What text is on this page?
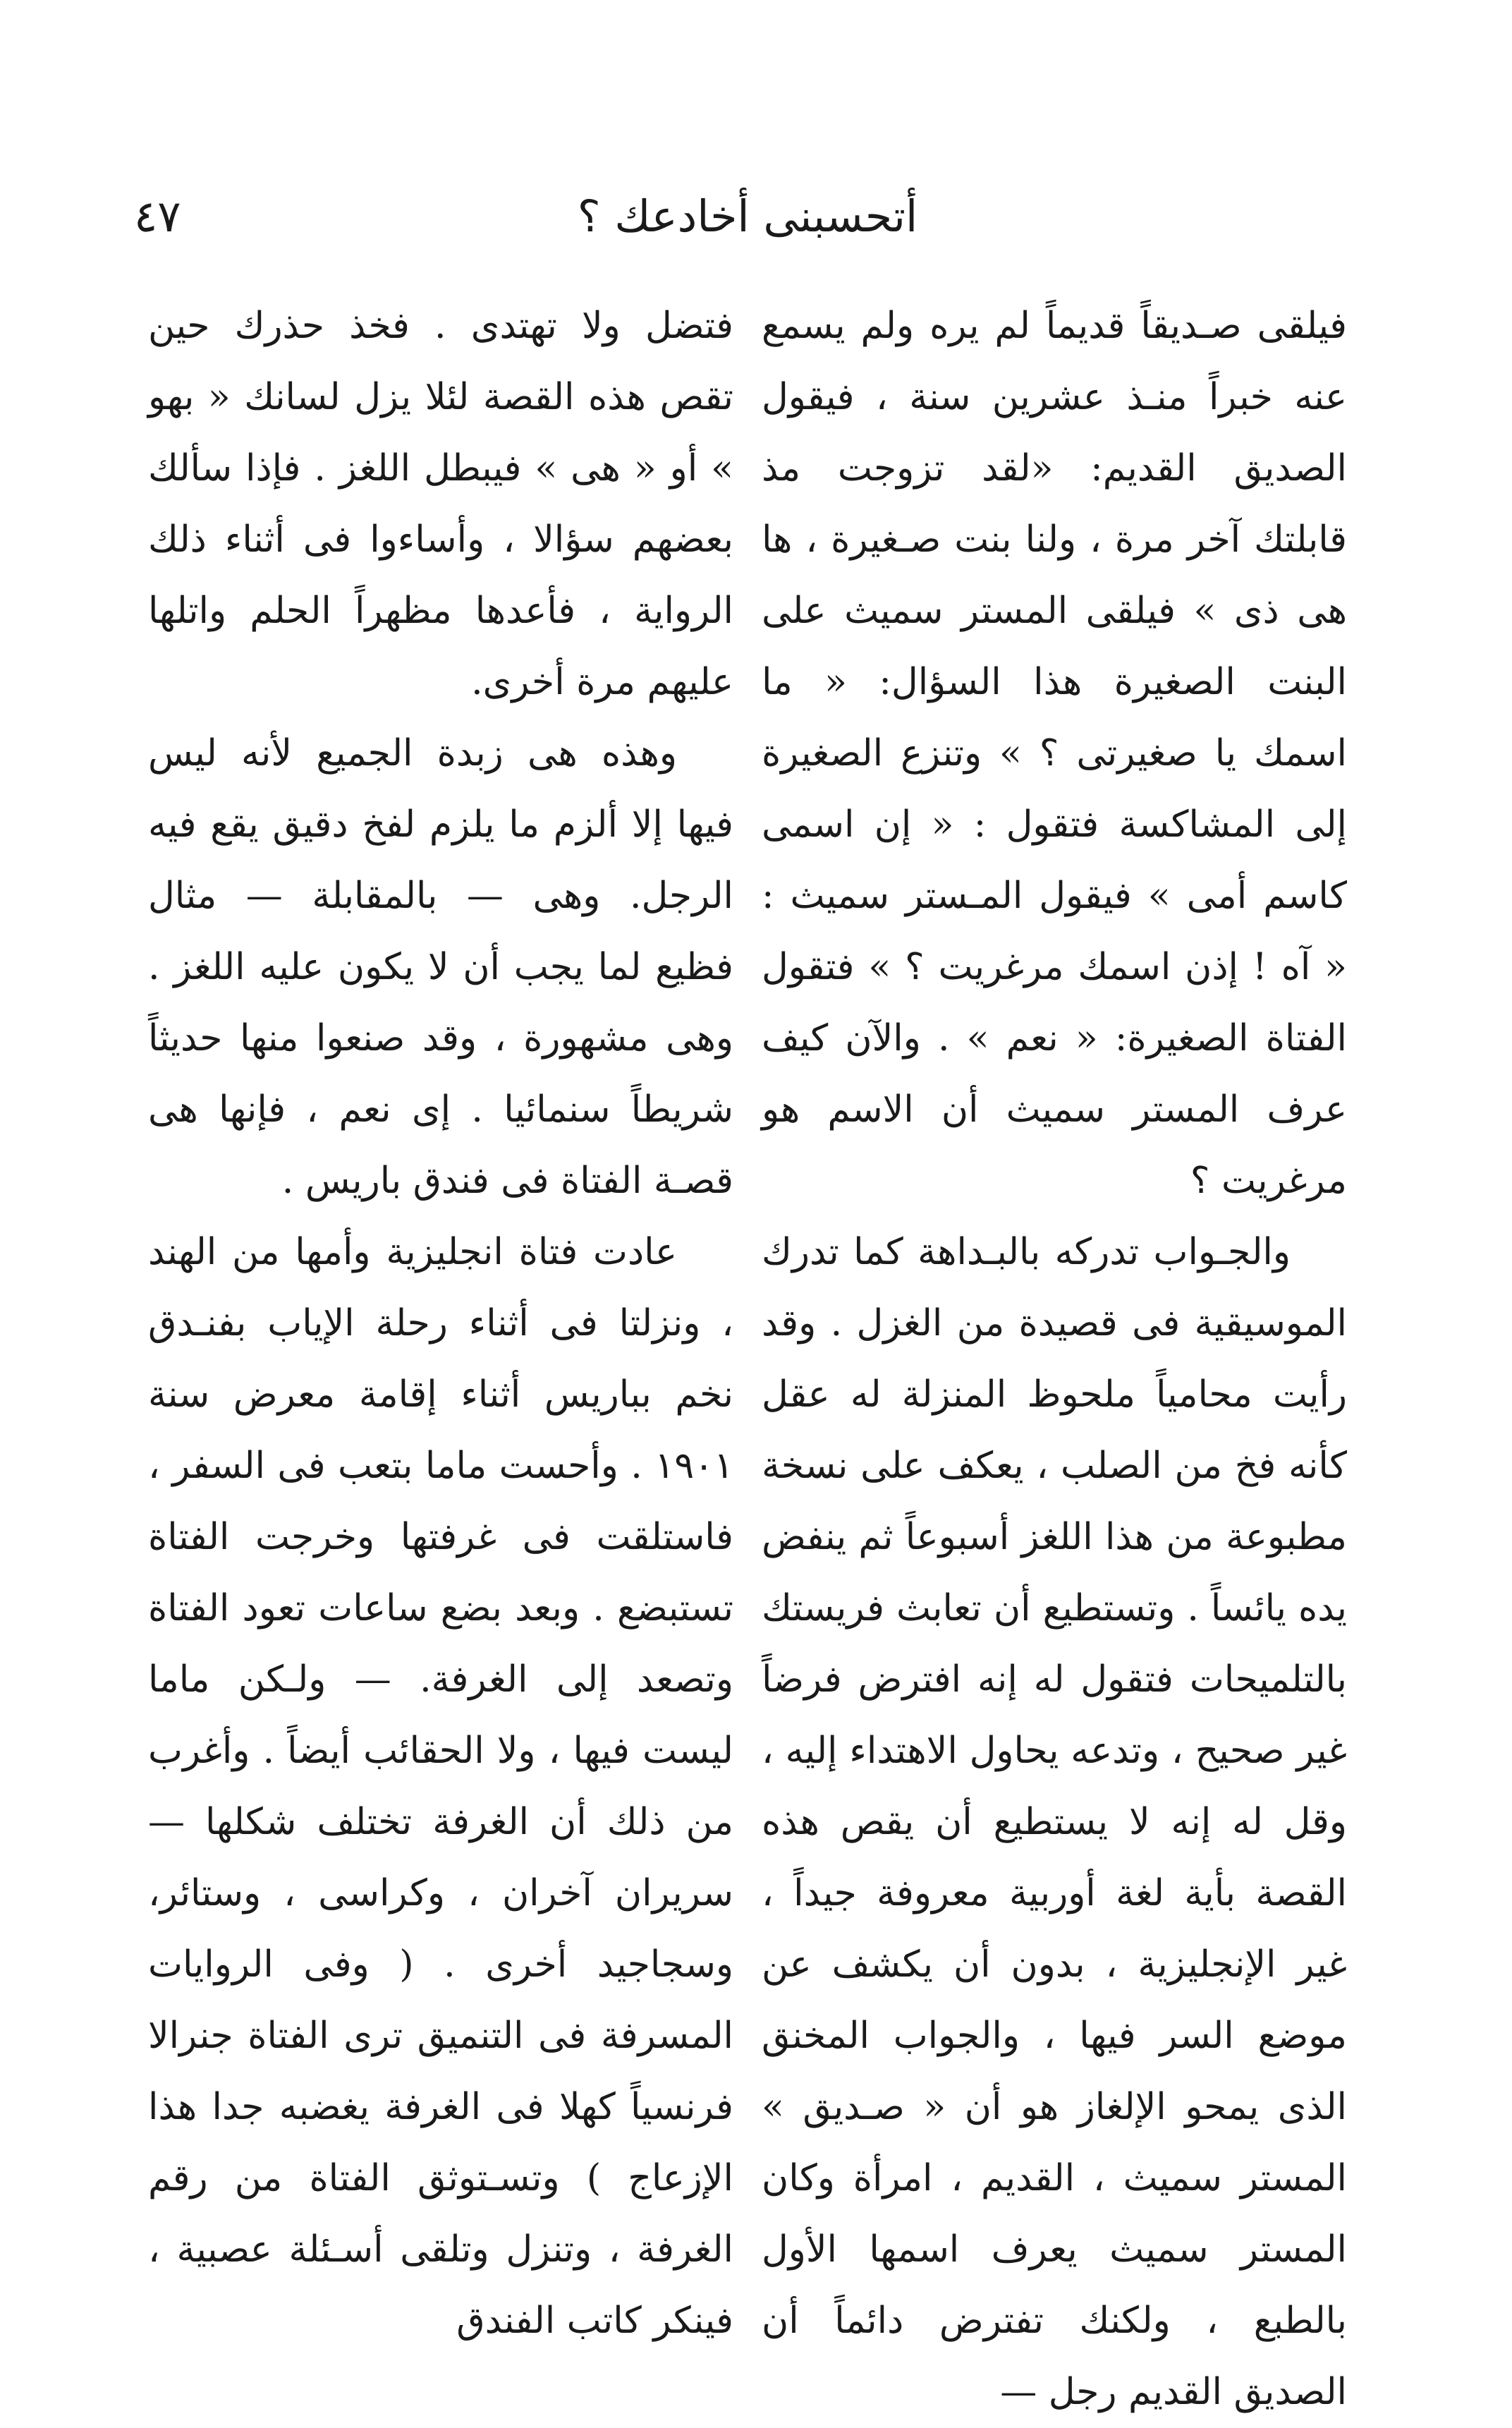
٤٧	أتحسبنى أخادعك ؟

فيلقى صـديقاً قديماً لم يره ولم يسمع عنه خبراً منـذ عشرين سنة ، فيقول الصديق القديم: «لقد تزوجت مذ قابلتك آخر مرة ، ولنا بنت صـغيرة ، ها هى ذى » فيلقى المستر سميث على البنت الصغيرة هذا السؤال: « ما اسمك يا صغيرتى ؟ » وتنزع الصغيرة إلى المشاكسة فتقول : « إن اسمى كاسم أمى » فيقول المـستر سميث : « آه ! إذن اسمك مرغريت ؟ » فتقول الفتاة الصغيرة: « نعم » . والآن كيف عرف المستر سميث أن الاسم هو مرغريت ؟

والجـواب تدركه بالبـداهة كما تدرك الموسيقية فى قصيدة من الغزل . وقد رأيت محامياً ملحوظ المنزلة له عقل كأنه فخ من الصلب ، يعكف على نسخة مطبوعة من هذا اللغز أسبوعاً ثم ينفض يده يائساً . وتستطيع أن تعابث فريستك بالتلميحات فتقول له إنه افترض فرضاً غير صحيح ، وتدعه يحاول الاهتداء إليه ، وقل له إنه لا يستطيع أن يقص هذه القصة بأية لغة أوربية معروفة جيداً ، غير الإنجليزية ، بدون أن يكشف عن موضع السر فيها ، والجواب المخنق الذى يمحو الإلغاز هو أن « صـديق » المستر سميث ، القديم ، امرأة وكان المستر سميث يعرف اسمها الأول بالطبع ، ولكنك تفترض دائماً أن الصديق القديم رجل —

فتضل ولا تهتدى . فخذ حذرك حين تقص هذه القصة لئلا يزل لسانك « بهو » أو « هى » فيبطل اللغز . فإذا سألك بعضهم سؤالا ، وأساءوا فى أثناء ذلك الرواية ، فأعدها مظهراً الحلم واتلها عليهم مرة أخرى.

وهذه هى زبدة الجميع لأنه ليس فيها إلا ألزم ما يلزم لفخ دقيق يقع فيه الرجل. وهى — بالمقابلة — مثال فظيع لما يجب أن لا يكون عليه اللغز . وهى مشهورة ، وقد صنعوا منها حديثاً شريطاً سنمائيا . إى نعم ، فإنها هى قصـة الفتاة فى فندق باريس .

عادت فتاة انجليزية وأمها من الهند ، ونزلتا فى أثناء رحلة الإياب بفنـدق نخم بباريس أثناء إقامة معرض سنة ١٩٠١ . وأحست ماما بتعب فى السفر ، فاستلقت فى غرفتها وخرجت الفتاة تستبضع . وبعد بضع ساعات تعود الفتاة وتصعد إلى الغرفة. — ولـكن ماما ليست فيها ، ولا الحقائب أيضاً . وأغرب من ذلك أن الغرفة تختلف شكلها — سريران آخران ، وكراسى ، وستائر، وسجاجيد أخرى . ( وفى الروايات المسرفة فى التنميق ترى الفتاة جنرالا فرنسياً كهلا فى الغرفة يغضبه جدا هذا الإزعاج ) وتسـتوثق الفتاة من رقم الغرفة ، وتنزل وتلقى أسـئلة عصبية ، فينكر كاتب الفندق
